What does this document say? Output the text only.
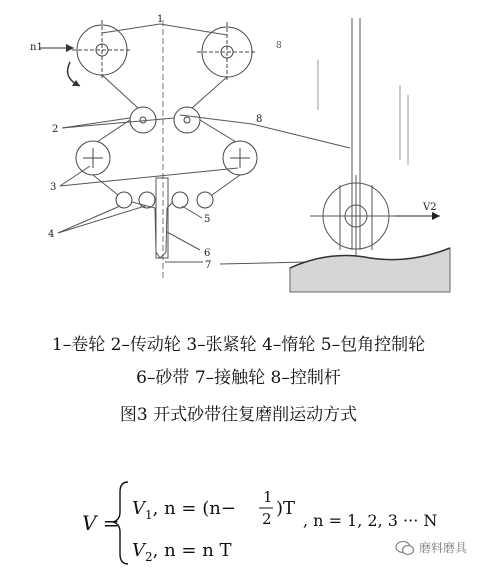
n1
1
2
3
4
5
6
7
8
V2
8
1–卷轮 2–传动轮 3–张紧轮 4–惰轮 5–包角控制轮
6–砂带 7–接触轮 8–控制杆
图3 开式砂带往复磨削运动方式
V =
$V_1$, n = (n−
1
2 )T
, n = 1, 2, 3 ··· N
$V_2$, n = n T	磨料磨具
